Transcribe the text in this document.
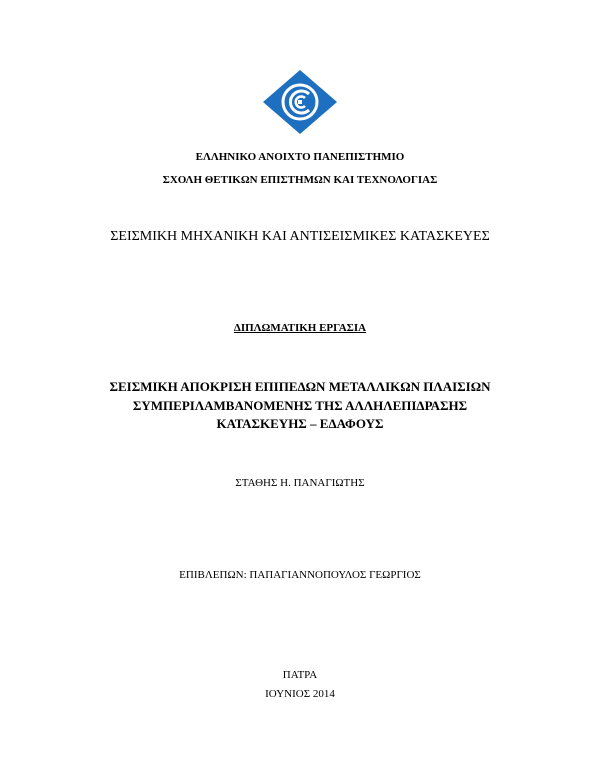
ΕΛΛΗΝΙΚΟ ΑΝΟΙΧΤΟ ΠΑΝΕΠΙΣΤΗΜΙΟ
ΣΧΟΛΗ ΘΕΤΙΚΩΝ ΕΠΙΣΤΗΜΩΝ ΚΑΙ ΤΕΧΝΟΛΟΓΙΑΣ
ΣΕΙΣΜΙΚΗ ΜΗΧΑΝΙΚΗ ΚΑΙ ΑΝΤΙΣΕΙΣΜΙΚΕΣ ΚΑΤΑΣΚΕΥΕΣ
ΔΙΠΛΩΜΑΤΙΚΗ ΕΡΓΑΣΙΑ
ΣΕΙΣΜΙΚΗ ΑΠΟΚΡΙΣΗ ΕΠΙΠΕΔΩΝ ΜΕΤΑΛΛΙΚΩΝ ΠΛΑΙΣΙΩΝ
ΣΥΜΠΕΡΙΛΑΜΒΑΝΟΜΕΝΗΣ ΤΗΣ ΑΛΛΗΛΕΠΙΔΡΑΣΗΣ
ΚΑΤΑΣΚΕΥΗΣ – ΕΔΑΦΟΥΣ
ΣΤΑΘΗΣ Η. ΠΑΝΑΓΙΩΤΗΣ
ΕΠΙΒΛΕΠΩΝ: ΠΑΠΑΓΙΑΝΝΟΠΟΥΛΟΣ ΓΕΩΡΓΙΟΣ
ΠΑΤΡΑ
ΙΟΥΝΙΟΣ 2014
